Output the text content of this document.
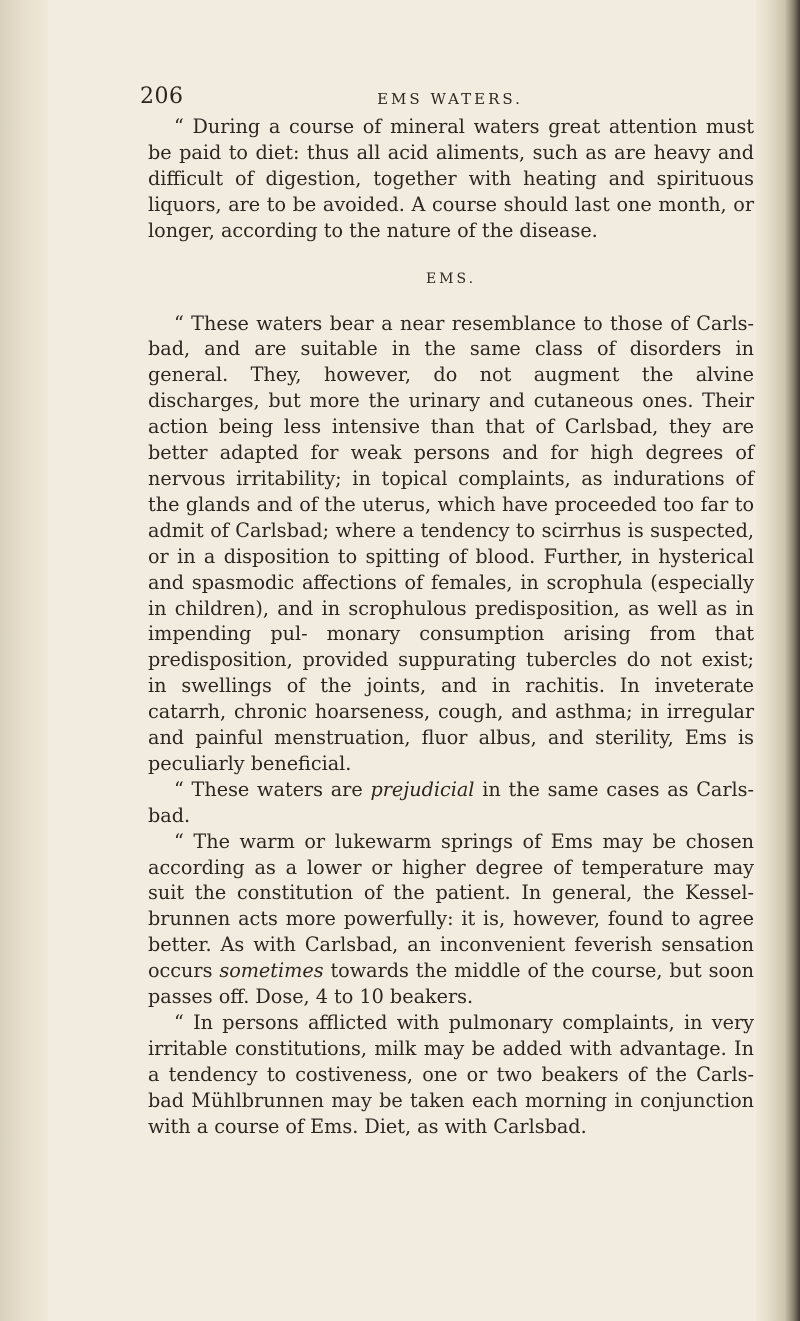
206	EMS WATERS.

“ During a course of mineral waters great attention must be paid to diet: thus all acid aliments, such as are heavy and difficult of digestion, together with heating and spirituous liquors, are to be avoided. A course should last one month, or longer, according to the nature of the disease.

EMS.

“ These waters bear a near resemblance to those of Carls- bad, and are suitable in the same class of disorders in general. They, however, do not augment the alvine discharges, but more the urinary and cutaneous ones. Their action being less intensive than that of Carlsbad, they are better adapted for weak persons and for high degrees of nervous irritability; in topical complaints, as indurations of the glands and of the uterus, which have proceeded too far to admit of Carlsbad; where a tendency to scirrhus is suspected, or in a disposition to spitting of blood. Further, in hysterical and spasmodic affections of females, in scrophula (especially in children), and in scrophulous predisposition, as well as in impending pul- monary consumption arising from that predisposition, provided suppurating tubercles do not exist; in swellings of the joints, and in rachitis. In inveterate catarrh, chronic hoarseness, cough, and asthma; in irregular and painful menstruation, fluor albus, and sterility, Ems is peculiarly beneficial.

“ These waters are prejudicial in the same cases as Carls- bad.

“ The warm or lukewarm springs of Ems may be chosen according as a lower or higher degree of temperature may suit the constitution of the patient. In general, the Kessel- brunnen acts more powerfully: it is, however, found to agree better. As with Carlsbad, an inconvenient feverish sensation occurs sometimes towards the middle of the course, but soon passes off. Dose, 4 to 10 beakers.

“ In persons afflicted with pulmonary complaints, in very irritable constitutions, milk may be added with advantage. In a tendency to costiveness, one or two beakers of the Carls- bad Mühlbrunnen may be taken each morning in conjunction with a course of Ems. Diet, as with Carlsbad.
